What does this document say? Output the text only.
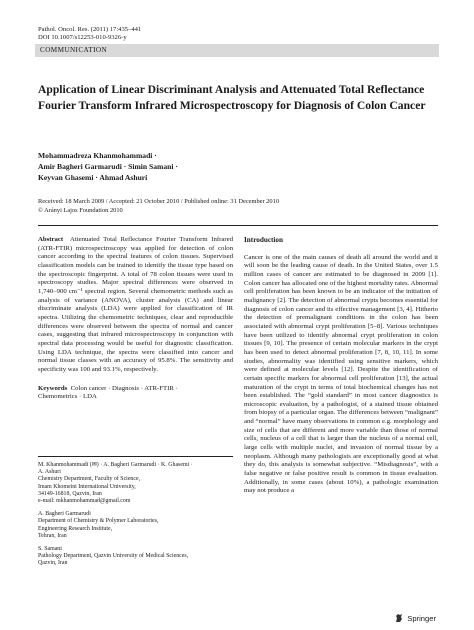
Pathol. Oncol. Res. (2011) 17:435–441
DOI 10.1007/s12253-010-9326-y
COMMUNICATION
Application of Linear Discriminant Analysis and Attenuated Total Reflectance Fourier Transform Infrared Microspectroscopy for Diagnosis of Colon Cancer
Mohammadreza Khanmohammadi ·
Amir Bagheri Garmarudi · Simin Samani ·
Keyvan Ghasemi · Ahmad Ashuri
Received: 18 March 2009 / Accepted: 21 October 2010 / Published online: 31 December 2010
© Arányi Lajos Foundation 2010

Abstract Attenuated Total Reflectance Fourier Transform Infrared (ATR-FTIR) microspectroscopy was applied for detection of colon cancer according to the spectral features of colon tissues. Supervised classification models can be trained to identify the tissue type based on the spectroscopic fingerprint. A total of 78 colon tissues were used in spectroscopy studies. Major spectral differences were observed in 1,740–900 cm⁻¹ spectral region. Several chemometric methods such as analysis of variance (ANOVA), cluster analysis (CA) and linear discriminate analysis (LDA) were applied for classification of IR spectra. Utilizing the chemometric techniques, clear and reproducible differences were observed between the spectra of normal and cancer cases, suggesting that infrared microspectroscopy in conjunction with spectral data processing would be useful for diagnostic classification. Using LDA technique, the spectra were classified into cancer and normal tissue classes with an accuracy of 95.8%. The sensitivity and specificity was 100 and 93.1%, respectively.

Keywords Colon cancer · Diagnosis · ATR-FTIR ·
Chemometrics · LDA

M. Khanmohammadi (✉) · A. Bagheri Garmarudi · K. Ghasemi ·

A. Ashuri

Chemistry Department, Faculty of Science,

Imam Khomeini International University,

34149-16818, Qazvin, Iran

e-mail: mkhanmohammad@gmail.com

A. Bagheri Garmarudi

Department of Chemistry & Polymer Laboratories,

Engineering Research Institute,

Tehran, Iran

S. Samani

Pathology Department, Qazvin University of Medical Sciences,

Qazvin, Iran

Introduction

Cancer is one of the main causes of death all around the world and it will soon be the leading cause of death. In the United States, over 1.5 million cases of cancer are estimated to be diagnosed in 2009 [1]. Colon cancer has allocated one of the highest mortality rates. Abnormal cell proliferation has been known to be an indicator of the initiation of malignancy [2]. The detection of abnormal crypts becomes essential for diagnosis of colon cancer and its effective management [3, 4]. Hitherto the detection of premalignant conditions in the colon has been associated with abnormal crypt proliferation [5–8]. Various techniques have been utilized to identify abnormal crypt proliferation in colon tissues [9, 10]. The presence of certain molecular markers in the crypt has been used to detect abnormal proliferation [7, 8, 10, 11]. In some studies, abnormality was identified using sensitive markers, which were defined at molecular levels [12]. Despite the identification of certain specific markers for abnormal cell proliferation [13], the actual maturation of the crypt in terms of total biochemical changes has not been established. The “gold standard” in most cancer diagnostics is microscopic evaluation, by a pathologist, of a stained tissue obtained from biopsy of a particular organ. The differences between “malignant” and “normal” have many observations in common e.g. morphology and size of cells that are different and more variable than those of normal cells, nucleus of a cell that is larger than the nucleus of a normal cell, large cells with multiple nuclei, and invasion of normal tissue by a neoplasm. Although many pathologists are exceptionally good at what they do, this analysis is somewhat subjective. “Misdiagnosis”, with a false negative or false positive result is common in tissue evaluation. Additionally, in some cases (about 10%), a pathologic examination may not produce a

Springer
